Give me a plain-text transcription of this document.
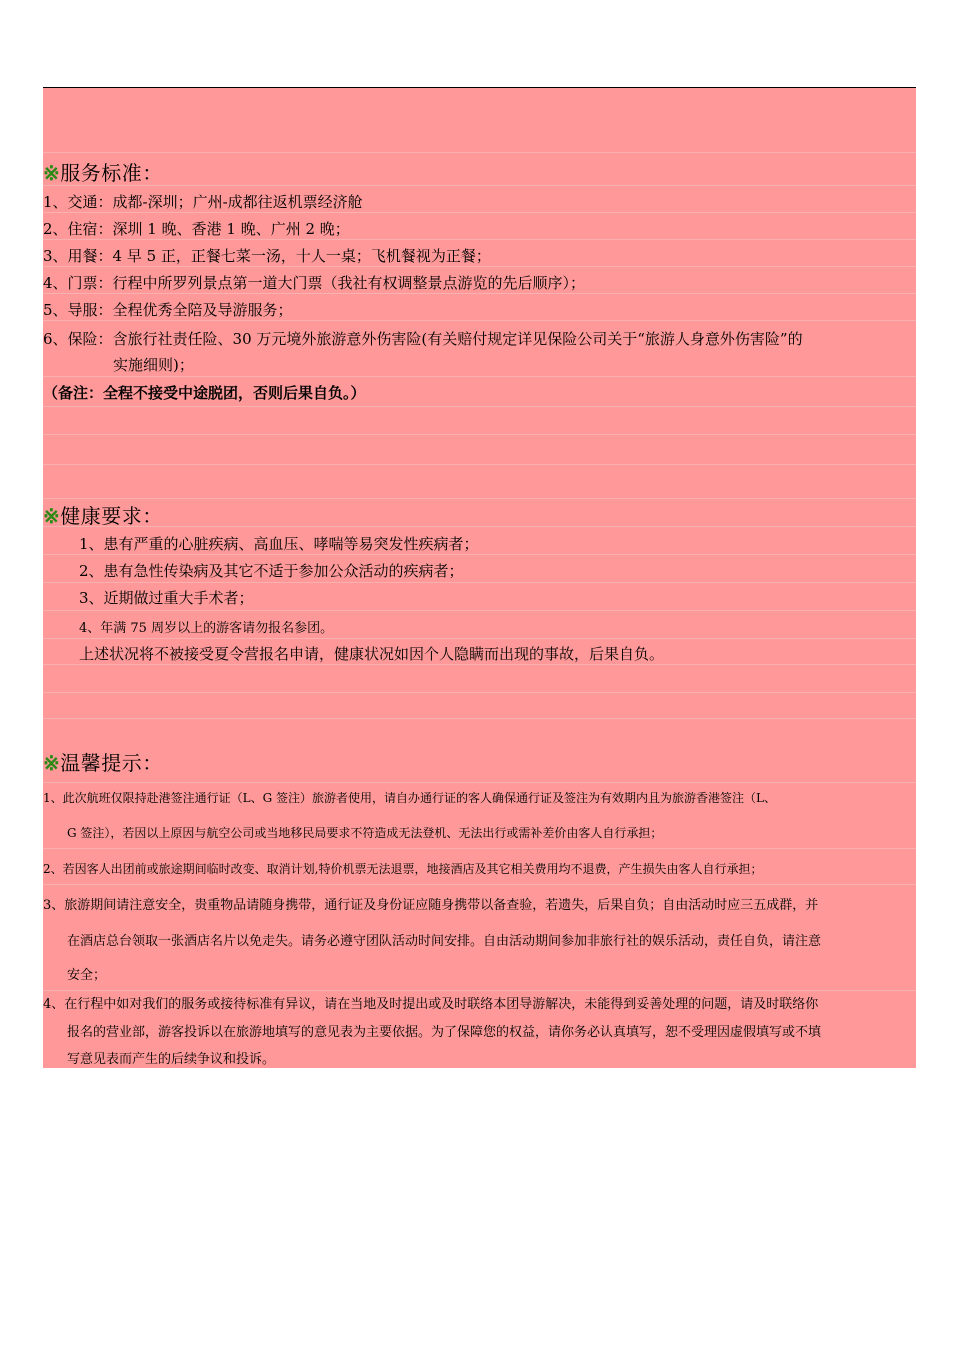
※服务标准：
1、交通：成都-深圳；广州-成都往返机票经济舱
2、住宿：深圳 1 晚、香港 1 晚、广州 2 晚；
3、用餐：4 早 5 正，正餐七菜一汤，十人一桌；飞机餐视为正餐；
4、门票：行程中所罗列景点第一道大门票（我社有权调整景点游览的先后顺序）；
5、导服：全程优秀全陪及导游服务；
6、保险：含旅行社责任险、30 万元境外旅游意外伤害险(有关赔付规定详见保险公司关于“旅游人身意外伤害险”的
实施细则)；
（备注：全程不接受中途脱团，否则后果自负。）
※健康要求：
1、患有严重的心脏疾病、高血压、哮喘等易突发性疾病者；
2、患有急性传染病及其它不适于参加公众活动的疾病者；
3、近期做过重大手术者；
4、年满 75 周岁以上的游客请勿报名参团。
上述状况将不被接受夏令营报名申请，健康状况如因个人隐瞒而出现的事故，后果自负。
※温馨提示：
1、此次航班仅限持赴港签注通行证（L、G 签注）旅游者使用，请自办通行证的客人确保通行证及签注为有效期内且为旅游香港签注（L、
G 签注），若因以上原因与航空公司或当地移民局要求不符造成无法登机、无法出行或需补差价由客人自行承担；
2、若因客人出团前或旅途期间临时改变、取消计划,特价机票无法退票，地接酒店及其它相关费用均不退费，产生损失由客人自行承担；
3、旅游期间请注意安全，贵重物品请随身携带，通行证及身份证应随身携带以备查验，若遗失，后果自负；自由活动时应三五成群，并
在酒店总台领取一张酒店名片以免走失。请务必遵守团队活动时间安排。自由活动期间参加非旅行社的娱乐活动，责任自负，请注意
安全；
4、在行程中如对我们的服务或接待标准有异议，请在当地及时提出或及时联络本团导游解决，未能得到妥善处理的问题，请及时联络你
报名的营业部，游客投诉以在旅游地填写的意见表为主要依据。为了保障您的权益，请你务必认真填写，恕不受理因虚假填写或不填
写意见表而产生的后续争议和投诉。
